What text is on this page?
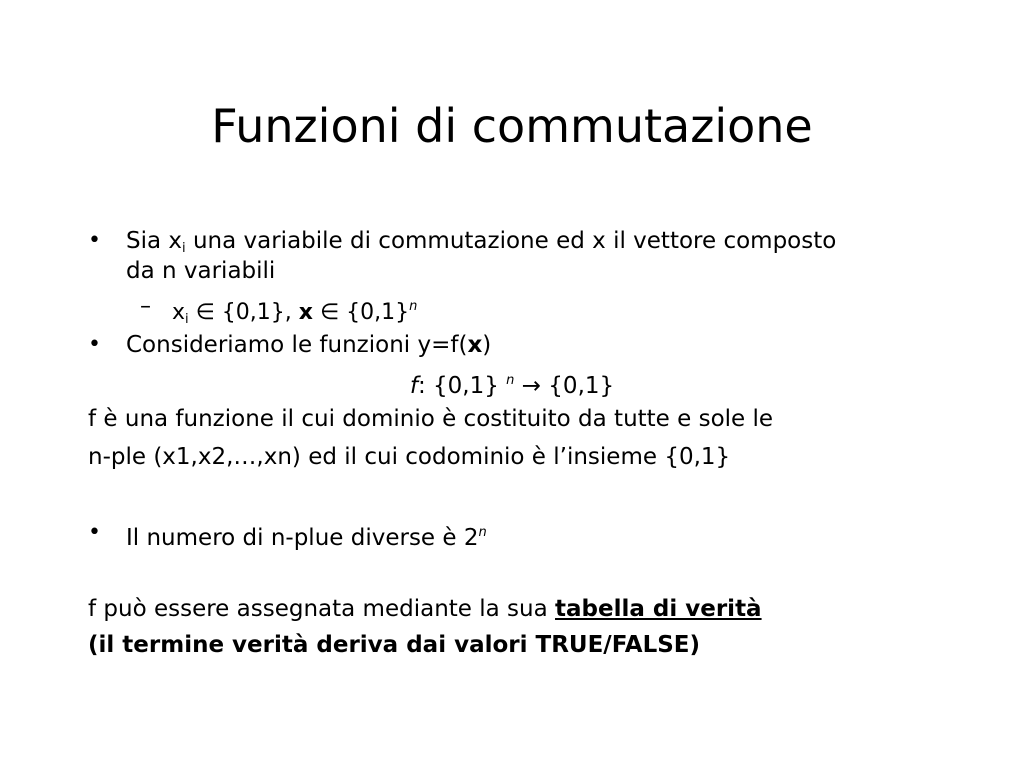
Funzioni di commutazione
• Sia $x_i$ una variabile di commutazione ed x il vettore composto
da n variabili
– $x_i$ ∈ {0,1}, x ∈ $\{0,1\}^n$
• Consideriamo le funzioni y=f(x)
f: {0,1} $^n$ → {0,1}
f è una funzione il cui dominio è costituito da tutte e sole le
n-ple (x1,x2,…,xn) ed il cui codominio è l’insieme {0,1}
• Il numero di n-plue diverse è 2$^n$
f può essere assegnata mediante la sua tabella di verità
(il termine verità deriva dai valori TRUE/FALSE)
